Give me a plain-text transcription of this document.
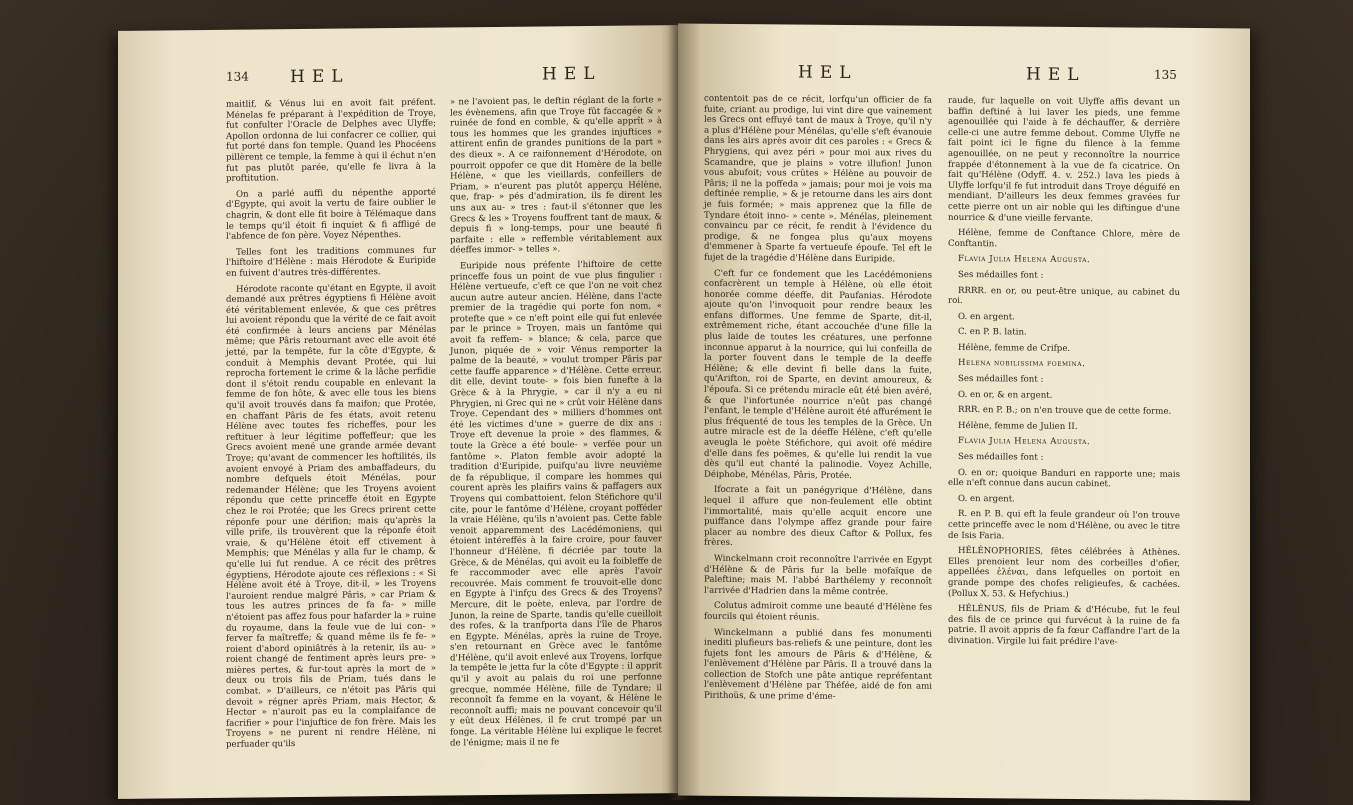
134 HEL	HEL

maitlif, & Vénus lui en avoit fait préfent. Ménelas fe préparant à l'expédition de Troye, fut confulter l'Oracle de Delphes avec Ulyffe; Apollon ordonna de lui confacrer ce collier, qui fut porté dans fon temple. Quand les Phocéens pillèrent ce temple, la femme à qui il échut n'en fut pas plutôt parée, qu'elle fe livra à la proftitution.

On a parlé auffi du népenthe apporté d'Egypte, qui avoit la vertu de faire oublier le chagrin, & dont elle fit boire à Télémaque dans le temps qu'il étoit fi inquiet & fi affligé de l'abfence de fon père. Voyez Népenthes.

Telles font les traditions communes fur l'hiftoire d'Hélène : mais Hérodote & Euripide en fuivent d'autres très-différentes.

Hérodote raconte qu'étant en Egypte, il avoit demandé aux prêtres égyptiens fi Hélène avoit été véritablement enlevée, & que ces prêtres lui avoient répondu que la vérité de ce fait avoit été confirmée à leurs anciens par Ménélas même; que Pâris retournant avec elle avoit été jetté, par la tempête, fur la côte d'Egypte, & conduit à Memphis devant Protée, qui lui reprocha fortement le crime & la lâche perfidie dont il s'étoit rendu coupable en enlevant la femme de fon hôte, & avec elle tous les biens qu'il avoit trouvés dans fa maifon; que Protée, en chaffant Pâris de fes états, avoit retenu Hélène avec toutes fes richeffes, pour les reftituer à leur légitime poffeffeur; que les Grecs avoient mené une grande armée devant Troye; qu'avant de commencer les hoftilités, ils avoient envoyé à Priam des ambaffadeurs, du nombre defquels étoit Ménélas, pour redemander Hélène; que les Troyens avoient répondu que cette princeffe étoit en Egypte chez le roi Protée; que les Grecs prirent cette réponfe pour une dérifion; mais qu'après la ville prife, ils trouvèrent que la réponfe étoit vraie, & qu'Hélène étoit eff ctivement à Memphis; que Ménélas y alla fur le champ, & qu'elle lui fut rendue. A ce récit des prêtres égyptiens, Hérodote ajoute ces réflexions : « Si Hélène avoit été à Troye, dit-il, » les Troyens l'auroient rendue malgré Pâris, » car Priam & tous les autres princes de fa fa- » mille n'étoient pas affez fous pour hafarder la » ruine du royaume, dans la feule vue de lui con- » ferver fa maîtreffe; & quand même ils fe fe- » roient d'abord opiniâtrés à la retenir, ils au- » roient changé de fentiment après leurs pre- » mières pertes, & fur-tout après la mort de » deux ou trois fils de Priam, tués dans le combat. » D'ailleurs, ce n'étoit pas Pâris qui devoit » régner après Priam, mais Hector, & Hector » n'auroit pas eu la complaifance de facrifier » pour l'injuftice de fon frère. Mais les Troyens » ne purent ni rendre Hélène, ni perfuader qu'ils

» ne l'avoient pas, le deftin réglant de la forte » les évènemens, afin que Troye fût faccagée & » ruinée de fond en comble, & qu'elle apprît » à tous les hommes que les grandes injuftices » attirent enfin de grandes punitions de la part » des dieux ». A ce raifonnement d'Hérodote, on pourroit oppofer ce que dit Homère de la belle Hélène, « que les vieillards, confeillers de Priam, » n'eurent pas plutôt apperçu Hélène, que, frap- » pés d'admiration, ils fe dirent les uns aux au- » tres : faut-il s'étonner que les Grecs & les » Troyens fouffrent tant de maux, & depuis fi » long-temps, pour une beauté fi parfaite : elle » reffemble véritablement aux déeffes immor- » telles ».

Euripide nous préfente l'hiftoire de cette princeffe fous un point de vue plus fingulier : Hélène vertueufe, c'eft ce que l'on ne voit chez aucun autre auteur ancien. Hélène, dans l'acte premier de la tragédie qui porte fon nom, « protefte que » ce n'eft point elle qui fut enlevée par le prince » Troyen, mais un fantôme qui avoit fa reffem- » blance; & cela, parce que Junon, piquée de » voir Vénus remporter la palme de la beauté, » voulut tromper Pâris par cette fauffe apparence » d'Hélène. Cette erreur, dit elle, devint toute- » fois bien funefte à la Grèce & à la Phrygie, » car il n'y a eu ni Phrygien, ni Grec qui ne » crût voir Hélène dans Troye. Cependant des » milliers d'hommes ont été les victimes d'une » guerre de dix ans : Troye eft devenue la proie » des flammes, & toute la Grèce a été boule- » verfée pour un fantôme ». Platon femble avoir adopté la tradition d'Euripide, puifqu'au livre neuvième de fa république, il compare les hommes qui courent après les plaifirs vains & paffagers aux Troyens qui combattoient, felon Stéfichore qu'il cite, pour le fantôme d'Hélène, croyant pofféder la vraie Hélène, qu'ils n'avoient pas. Cette fable venoit apparemment des Lacédémoniens, qui étoient intéreffés à la faire croire, pour fauver l'honneur d'Hélène, fi décriée par toute la Grèce, & de Ménélas, qui avoit eu la foibleffe de fe raccommoder avec elle après l'avoir recouvrée. Mais comment fe trouvoit-elle donc en Egypte à l'infçu des Grecs & des Troyens? Mercure, dit le poète, enleva, par l'ordre de Junon, la reine de Sparte, tandis qu'elle cueilloit des rofes, & la tranfporta dans l'île de Pharos en Egypte. Ménélas, après la ruine de Troye, s'en retournant en Grèce avec le fantôme d'Hélène, qu'il avoit enlevé aux Troyens, lorfque la tempête le jetta fur la côte d'Egypte : il apprit qu'il y avoit au palais du roi une perfonne grecque, nommée Hélène, fille de Tyndare; il reconnoît fa femme en la voyant, & Hélène le reconnoît auffi; mais ne pouvant concevoir qu'il y eût deux Hélènes, il fe crut trompé par un fonge. La véritable Hélène lui explique le fecret de l'énigme; mais il ne fe

HEL	HEL	135

contentoit pas de ce récit, lorfqu'un officier de fa fuite, criant au prodige, lui vint dire que vainement les Grecs ont effuyé tant de maux à Troye, qu'il n'y a plus d'Hélène pour Ménélas, qu'elle s'eft évanouie dans les airs après avoir dit ces paroles : « Grecs & Phrygiens, qui avez péri » pour moi aux rives du Scamandre, que je plains » votre illufion! Junon vous abufoit; vous crûtes » Hélène au pouvoir de Pâris; il ne la poffeda » jamais; pour moi je vois ma deftinée remplie, » & je retourne dans les airs dont je fuis formée; » mais apprenez que la fille de Tyndare étoit inno- » cente ». Ménélas, pleinement convaincu par ce récit, fe rendit à l'évidence du prodige, & ne fongea plus qu'aux moyens d'emmener à Sparte fa vertueufe époufe. Tel eft le fujet de la tragédie d'Hélène dans Euripide.

C'eft fur ce fondement que les Lacédémoniens confacrèrent un temple à Hélène, où elle étoit honorée comme déeffe, dit Paufanias. Hérodote ajoute qu'on l'invoquoit pour rendre beaux les enfans difformes. Une femme de Sparte, dit-il, extrêmement riche, étant accouchée d'une fille la plus laide de toutes les créatures, une perfonne inconnue apparut à la nourrice, qui lui confeilla de la porter fouvent dans le temple de la deeffe Hélène; & elle devint fi belle dans la fuite, qu'Arifton, roi de Sparte, en devint amoureux, & l'époufa. Si ce prétendu miracle eût été bien avéré, & que l'infortunée nourrice n'eût pas changé l'enfant, le temple d'Hélène auroit été affurément le plus fréquenté de tous les temples de la Grèce. Un autre miracle est de la déeffe Hélène, c'eft qu'elle aveugla le poète Stéfichore, qui avoit ofé médire d'elle dans fes poëmes, & qu'elle lui rendit la vue dès qu'il eut chanté la palinodie. Voyez Achille, Déiphobe, Ménélas, Pâris, Protée.

Ifocrate a fait un panégyrique d'Hélène, dans lequel il affure que non-feulement elle obtint l'immortalité, mais qu'elle acquit encore une puiffance dans l'olympe affez grande pour faire placer au nombre des dieux Caftor & Pollux, fes frères.

Winckelmann croit reconnoître l'arrivée en Egypt d'Hélène & de Pâris fur la belle mofaïque de Paleftine; mais M. l'abbé Barthélemy y reconnoît l'arrivée d'Hadrien dans la même contrée.

Colutus admiroit comme une beauté d'Hélène fes fourcils qui étoient réunis.

Winckelmann a publié dans fes monumenti inediti plufieurs bas-reliefs & une peinture, dont les fujets font les amours de Pâris & d'Hélène, & l'enlèvement d'Hélène par Pâris. Il a trouvé dans la collection de Stofch une pâte antique repréfentant l'enlèvement d'Hélène par Théfée, aidé de fon ami Pirithoüs, & une prime d'éme-

raude, fur laquelle on voit Ulyffe affis devant un baffin deftiné à lui laver les pieds, une femme agenouillée qui l'aide à fe déchauffer, & derrière celle-ci une autre femme debout. Comme Ulyffe ne fait point ici le figne du filence à la femme agenouillée, on ne peut y reconnoître la nourrice frappée d'étonnement à la vue de fa cicatrice. On fait qu'Hélène (Odyff. 4. v. 252.) lava les pieds à Ulyffe lorfqu'il fe fut introduit dans Troye déguifé en mendiant. D'ailleurs les deux femmes gravées fur cette pierre ont un air noble qui les diftingue d'une nourrice & d'une vieille fervante.

Hélène, femme de Conftance Chlore, mère de Conftantin.

Flavia Julia Helena Augusta.

Ses médailles font :

RRRR. en or, ou peut-être unique, au cabinet du roi.

O. en argent.

C. en P. B. latin.

Hélène, femme de Crifpe.

Helena nobilissima foemina.

Ses médailles font :

O. en or, & en argent.

RRR. en P. B.; on n'en trouve que de cette forme.

Hélène, femme de Julien II.

Flavia Julia Helena Augusta.

Ses médailles font :

O. en or; quoique Banduri en rapporte une; mais elle n'eft connue dans aucun cabinet.

O. en argent.

R. en P. B. qui eft la feule grandeur où l'on trouve cette princeffe avec le nom d'Hélène, ou avec le titre de Isis Faria.

HÉLÉNOPHORIES, fêtes célébrées à Athènes. Elles prenoient leur nom des corbeilles d'ofier, appellées ἑλέναι, dans lefquelles on portoit en grande pompe des chofes religieufes, & cachées. (Pollux X. 53. & Hefychius.)

HÉLÉNUS, fils de Priam & d'Hécube, fut le feul des fils de ce prince qui furvécut à la ruine de fa patrie. Il avoit appris de fa fœur Caffandre l'art de la divination. Virgile lui fait prédire l'ave-
